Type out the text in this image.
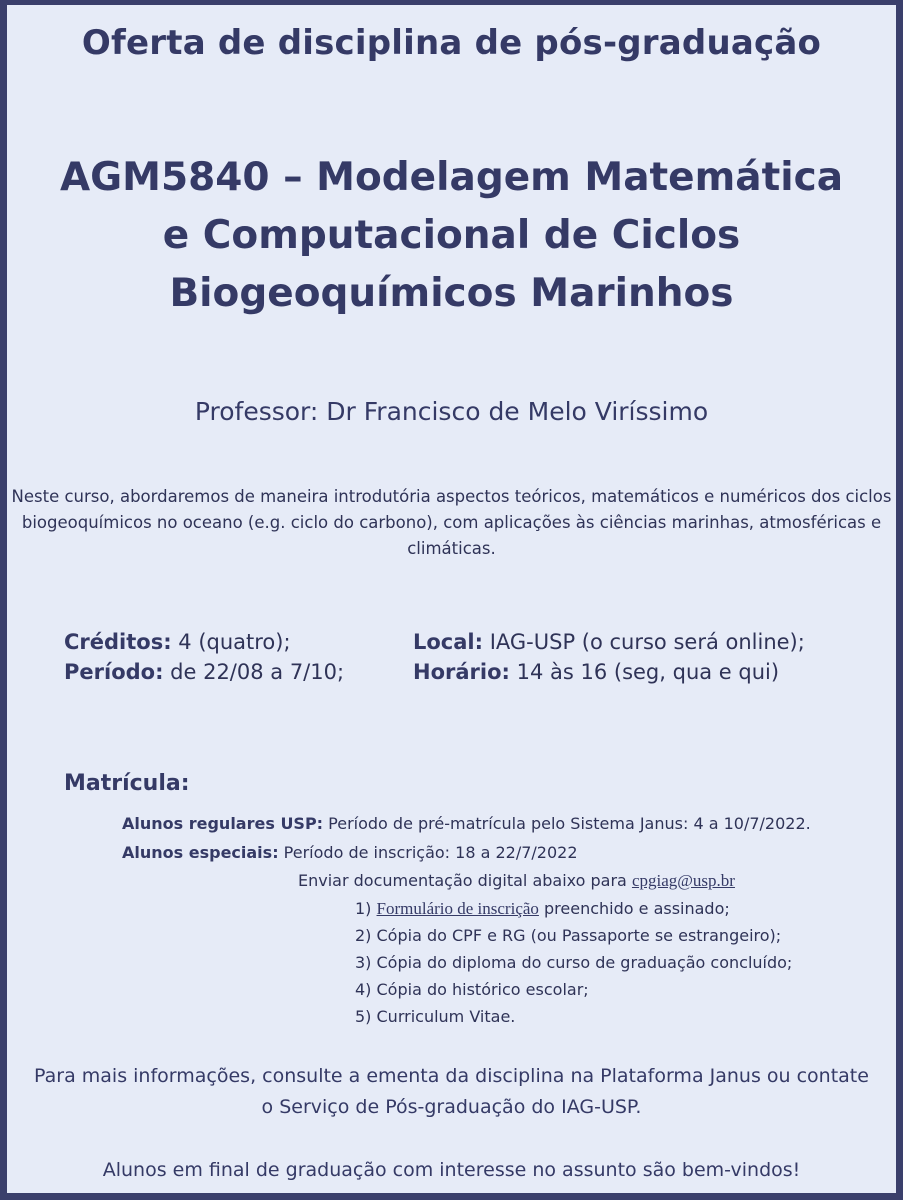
Oferta de disciplina de pós-graduação
AGM5840 – Modelagem Matemática
e Computacional de Ciclos
Biogeoquímicos Marinhos
Professor: Dr Francisco de Melo Viríssimo
Neste curso, abordaremos de maneira introdutória aspectos teóricos, matemáticos e numéricos dos ciclos biogeoquímicos no oceano (e.g. ciclo do carbono), com aplicações às ciências marinhas, atmosféricas e climáticas.
Créditos: 4 (quatro);
Período: de 22/08 a 7/10;
Local: IAG-USP (o curso será online);
Horário: 14 às 16 (seg, qua e qui)
Matrícula:
Alunos regulares USP: Período de pré-matrícula pelo Sistema Janus: 4 a 10/7/2022.
Alunos especiais: Período de inscrição: 18 a 22/7/2022
Enviar documentação digital abaixo para cpgiag@usp.br
1) Formulário de inscrição preenchido e assinado;
2) Cópia do CPF e RG (ou Passaporte se estrangeiro);
3) Cópia do diploma do curso de graduação concluído;
4) Cópia do histórico escolar;
5) Curriculum Vitae.
Para mais informações, consulte a ementa da disciplina na Plataforma Janus ou contate o Serviço de Pós-graduação do IAG-USP.
Alunos em final de graduação com interesse no assunto são bem-vindos!
